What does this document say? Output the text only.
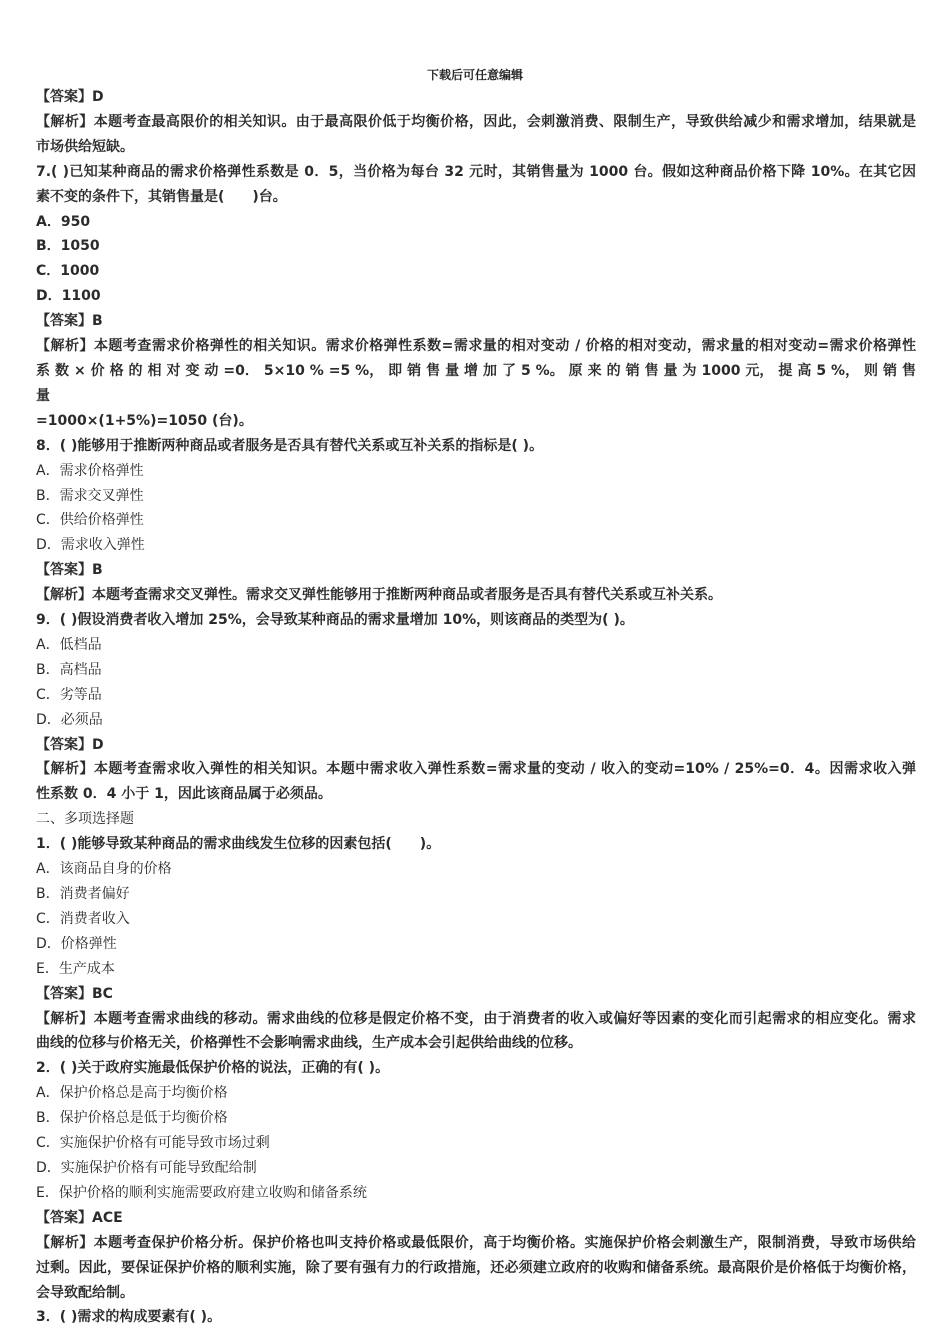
下载后可任意编辑

【答案】D

【解析】本题考查最高限价的相关知识。由于最高限价低于均衡价格，因此，会刺激消费、限制生产，导致供给减少和需求增加，结果就是

市场供给短缺。

7.( )已知某种商品的需求价格弹性系数是 0．5，当价格为每台 32 元时，其销售量为 1000 台。假如这种商品价格下降 10%。在其它因

素不变的条件下，其销售量是(　　)台。

A．950

B．1050

C．1000

D．1100

【答案】B

【解析】本题考查需求价格弹性的相关知识。需求价格弹性系数=需求量的相对变动 / 价格的相对变动，需求量的相对变动=需求价格弹性

系 数 × 价 格 的 相 对 变 动 =0． 5×10 % =5 %， 即 销 售 量 增 加 了 5 %。 原 来 的 销 售 量 为 1000 元， 提 高 5 %， 则 销 售 量

=1000×(1+5%)=1050 (台)。

8．( )能够用于推断两种商品或者服务是否具有替代关系或互补关系的指标是( )。

A．需求价格弹性

B．需求交叉弹性

C．供给价格弹性

D．需求收入弹性

【答案】B

【解析】本题考查需求交叉弹性。需求交叉弹性能够用于推断两种商品或者服务是否具有替代关系或互补关系。

9．( )假设消费者收入增加 25%，会导致某种商品的需求量增加 10%，则该商品的类型为( )。

A．低档品

B．高档品

C．劣等品

D．必须品

【答案】D

【解析】本题考查需求收入弹性的相关知识。本题中需求收入弹性系数=需求量的变动 / 收入的变动=10% / 25%=0．4。因需求收入弹

性系数 0．4 小于 1，因此该商品属于必须品。

二、多项选择题

1．( )能够导致某种商品的需求曲线发生位移的因素包括(　　)。

A．该商品自身的价格

B．消费者偏好

C．消费者收入

D．价格弹性

E．生产成本

【答案】BC

【解析】本题考查需求曲线的移动。需求曲线的位移是假定价格不变，由于消费者的收入或偏好等因素的变化而引起需求的相应变化。需求

曲线的位移与价格无关，价格弹性不会影响需求曲线，生产成本会引起供给曲线的位移。

2．( )关于政府实施最低保护价格的说法，正确的有( )。

A．保护价格总是高于均衡价格

B．保护价格总是低于均衡价格

C．实施保护价格有可能导致市场过剩

D．实施保护价格有可能导致配给制

E．保护价格的顺利实施需要政府建立收购和储备系统

【答案】ACE

【解析】本题考查保护价格分析。保护价格也叫支持价格或最低限价，高于均衡价格。实施保护价格会刺激生产，限制消费，导致市场供给

过剩。因此，要保证保护价格的顺利实施，除了要有强有力的行政措施，还必须建立政府的收购和储备系统。最高限价是价格低于均衡价格，

会导致配给制。

3．( )需求的构成要素有( )。
